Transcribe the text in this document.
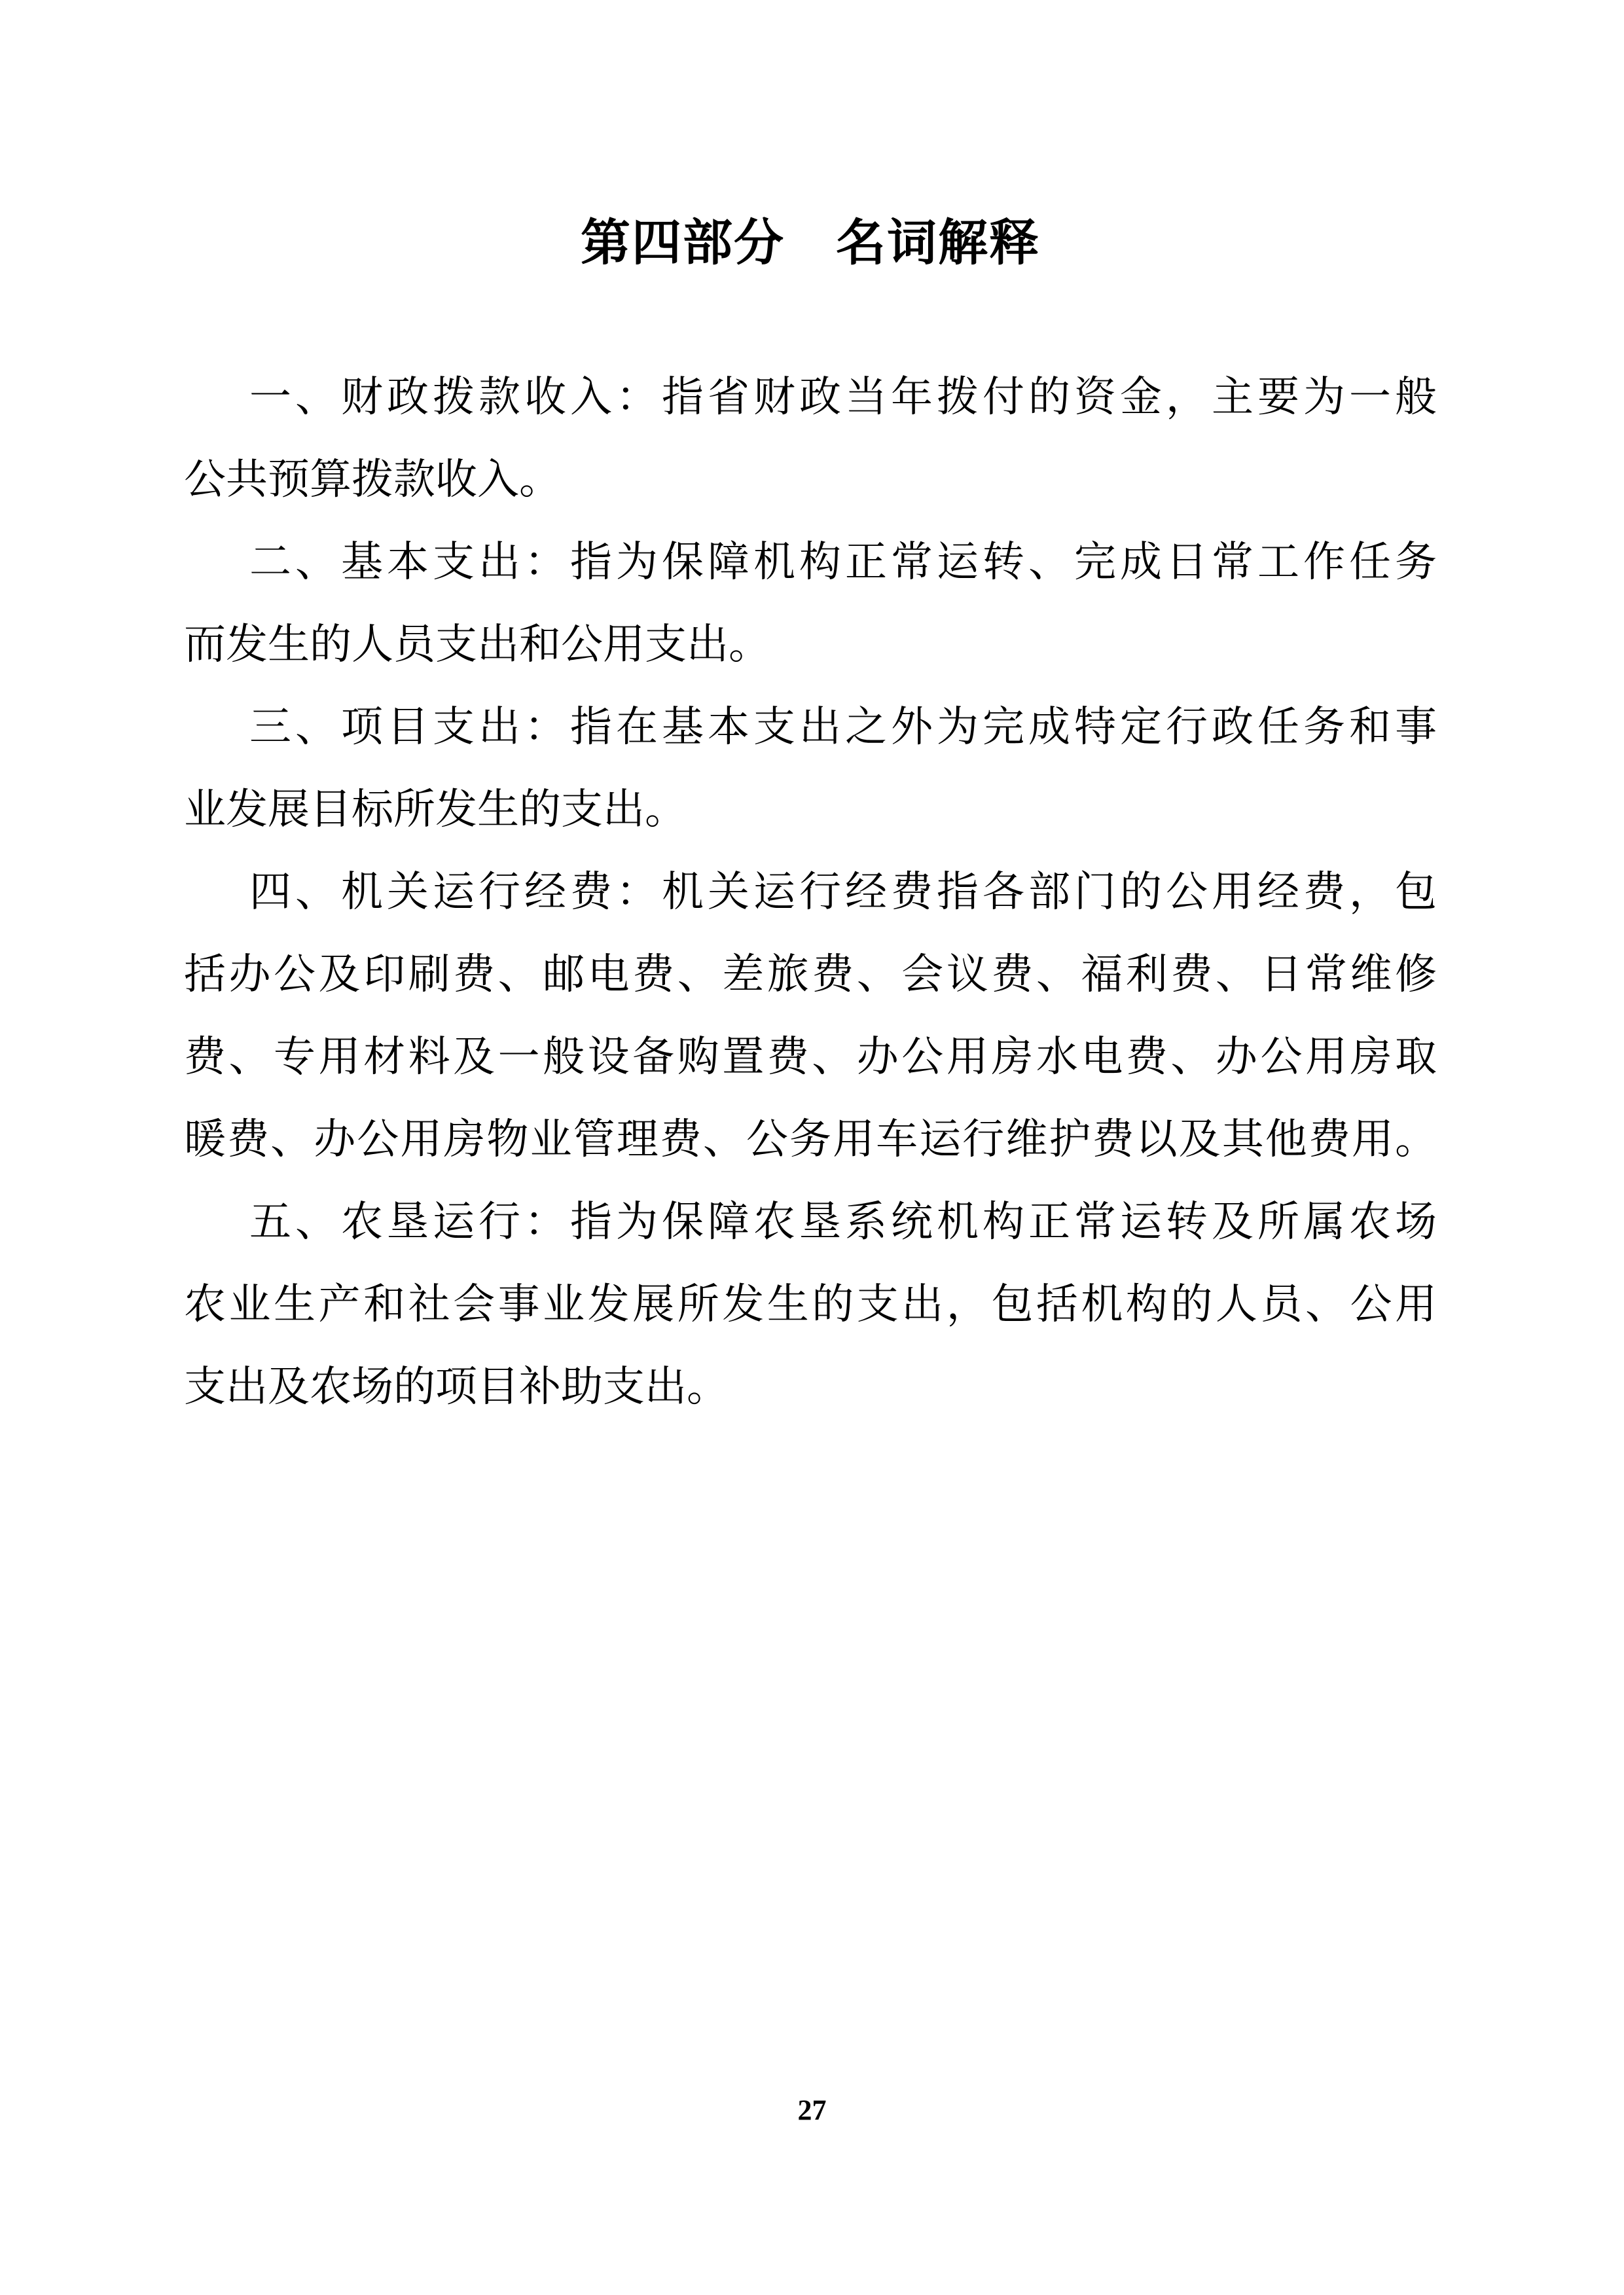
第四部分　名词解释
一、财政拨款收入：指省财政当年拨付的资金，主要为一般
公共预算拨款收入。
二、基本支出：指为保障机构正常运转、完成日常工作任务
而发生的人员支出和公用支出。
三、项目支出：指在基本支出之外为完成特定行政任务和事
业发展目标所发生的支出。
四、机关运行经费：机关运行经费指各部门的公用经费，包
括办公及印刷费、邮电费、差旅费、会议费、福利费、日常维修
费、专用材料及一般设备购置费、办公用房水电费、办公用房取
暖费、办公用房物业管理费、公务用车运行维护费以及其他费用。
五、农垦运行：指为保障农垦系统机构正常运转及所属农场
农业生产和社会事业发展所发生的支出，包括机构的人员、公用
支出及农场的项目补助支出。
27
